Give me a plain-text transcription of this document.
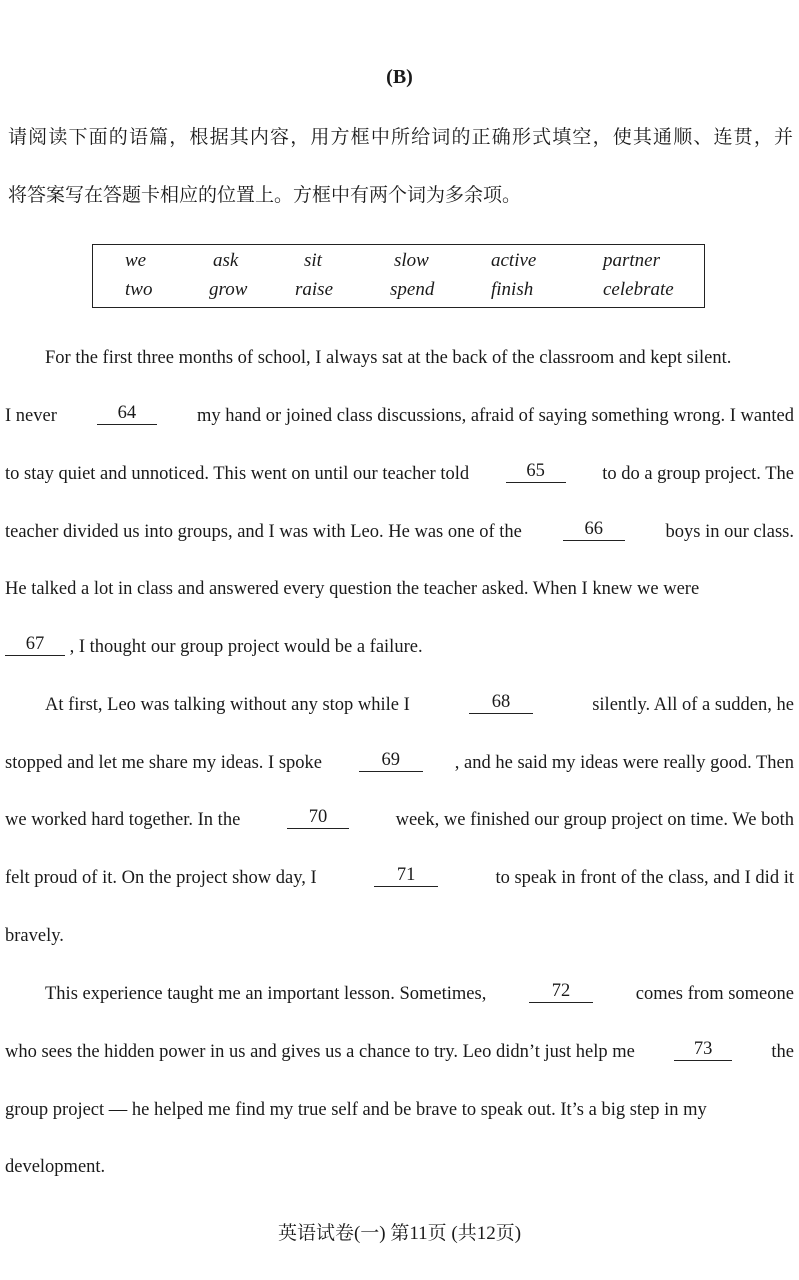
(B)
请阅读下面的语篇，根据其内容，用方框中所给词的正确形式填空，使其通顺、连贯，并
将答案写在答题卡相应的位置上。方框中有两个词为多余项。
we	ask	sit	slow	active	partner
two	grow	raise	spend	finish	celebrate
For the first three months of school, I always sat at the back of the classroom and kept silent.
I never	64	my hand or joined class discussions, afraid of saying something wrong. I wanted
to stay quiet and unnoticed. This went on until our teacher told	65	to do a group project. The
teacher divided us into groups, and I was with Leo. He was one of the	66	boys in our class.
He talked a lot in class and answered every question the teacher asked. When I knew we were
67	, I thought our group project would be a failure.
At first, Leo was talking without any stop while I	68	silently. All of a sudden, he
stopped and let me share my ideas. I spoke	69	, and he said my ideas were really good. Then
we worked hard together. In the	70	week, we finished our group project on time. We both
felt proud of it. On the project show day, I	71	to speak in front of the class, and I did it
bravely.
This experience taught me an important lesson. Sometimes,	72	comes from someone
who sees the hidden power in us and gives us a chance to try. Leo didn’t just help me	73	the
group project — he helped me find my true self and be brave to speak out. It’s a big step in my
development.
英语试卷(一) 第11页 (共12页)
